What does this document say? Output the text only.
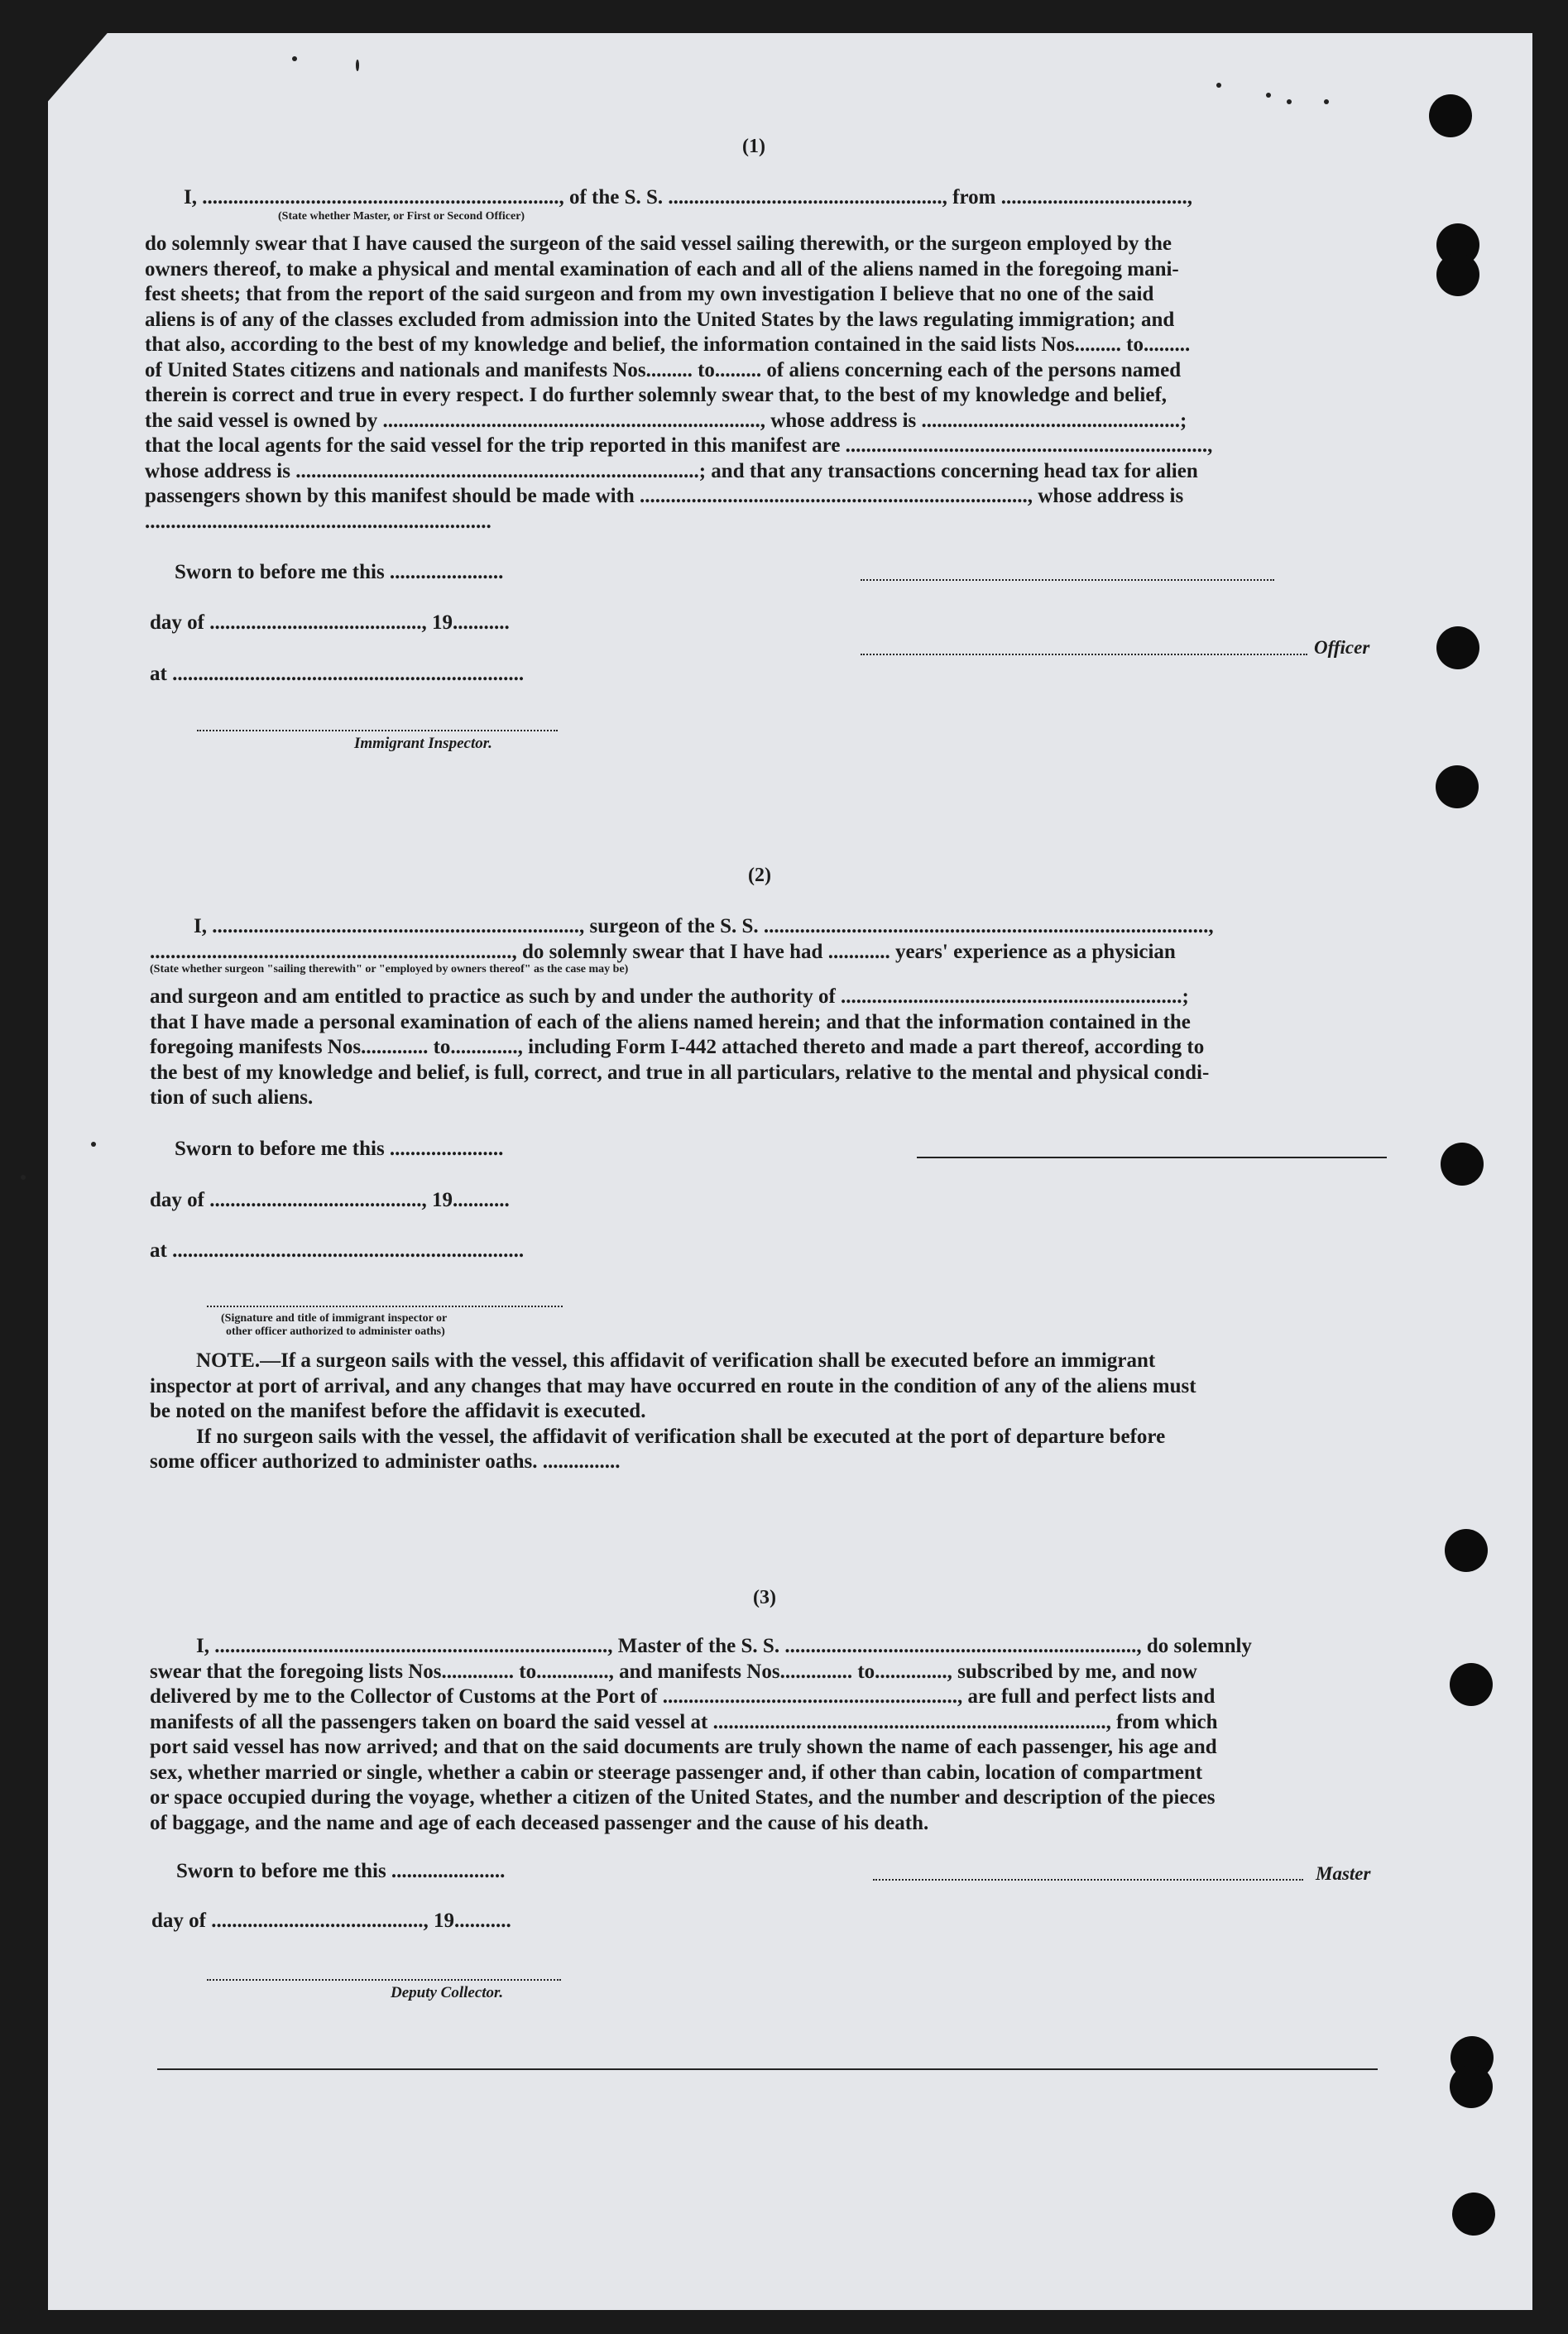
(1)
I, ....................................................................., of the S. S. ....................................................., from ....................................,
(State whether Master, or First or Second Officer)
do solemnly swear that I have caused the surgeon of the said vessel sailing therewith, or the surgeon employed by the
owners thereof, to make a physical and mental examination of each and all of the aliens named in the foregoing mani-
fest sheets; that from the report of the said surgeon and from my own investigation I believe that no one of the said
aliens is of any of the classes excluded from admission into the United States by the laws regulating immigration; and
that also, according to the best of my knowledge and belief, the information contained in the said lists Nos......... to.........
of United States citizens and nationals and manifests Nos......... to......... of aliens concerning each of the persons named
therein is correct and true in every respect. I do further solemnly swear that, to the best of my knowledge and belief,
the said vessel is owned by ........................................................................., whose address is ..................................................;
that the local agents for the said vessel for the trip reported in this manifest are ......................................................................,
whose address is ..............................................................................; and that any transactions concerning head tax for alien
passengers shown by this manifest should be made with ..........................................................................., whose address is
...................................................................
Sworn to before me this ......................
day of ........................................., 19...........
at ....................................................................
Immigrant Inspector.
Officer
(2)
I, ......................................................................., surgeon of the S. S. ......................................................................................,
......................................................................, do solemnly swear that I have had ............ years' experience as a physician
(State whether surgeon "sailing therewith" or "employed by owners thereof" as the case may be)
and surgeon and am entitled to practice as such by and under the authority of ..................................................................;
that I have made a personal examination of each of the aliens named herein; and that the information contained in the
foregoing manifests Nos............. to............., including Form I-442 attached thereto and made a part thereof, according to
the best of my knowledge and belief, is full, correct, and true in all particulars, relative to the mental and physical condi-
tion of such aliens.
Sworn to before me this ......................
day of ........................................., 19...........
at ....................................................................
(Signature and title of immigrant inspector or
other officer authorized to administer oaths)
NOTE.—If a surgeon sails with the vessel, this affidavit of verification shall be executed before an immigrant
inspector at port of arrival, and any changes that may have occurred en route in the condition of any of the aliens must
be noted on the manifest before the affidavit is executed.
If no surgeon sails with the vessel, the affidavit of verification shall be executed at the port of departure before
some officer authorized to administer oaths. ...............
(3)
I, ............................................................................, Master of the S. S. ...................................................................., do solemnly
swear that the foregoing lists Nos.............. to.............., and manifests Nos.............. to.............., subscribed by me, and now
delivered by me to the Collector of Customs at the Port of ........................................................., are full and perfect lists and
manifests of all the passengers taken on board the said vessel at ............................................................................, from which
port said vessel has now arrived; and that on the said documents are truly shown the name of each passenger, his age and
sex, whether married or single, whether a cabin or steerage passenger and, if other than cabin, location of compartment
or space occupied during the voyage, whether a citizen of the United States, and the number and description of the pieces
of baggage, and the name and age of each deceased passenger and the cause of his death.
Sworn to before me this ......................
day of ........................................., 19...........
Deputy Collector.
Master
